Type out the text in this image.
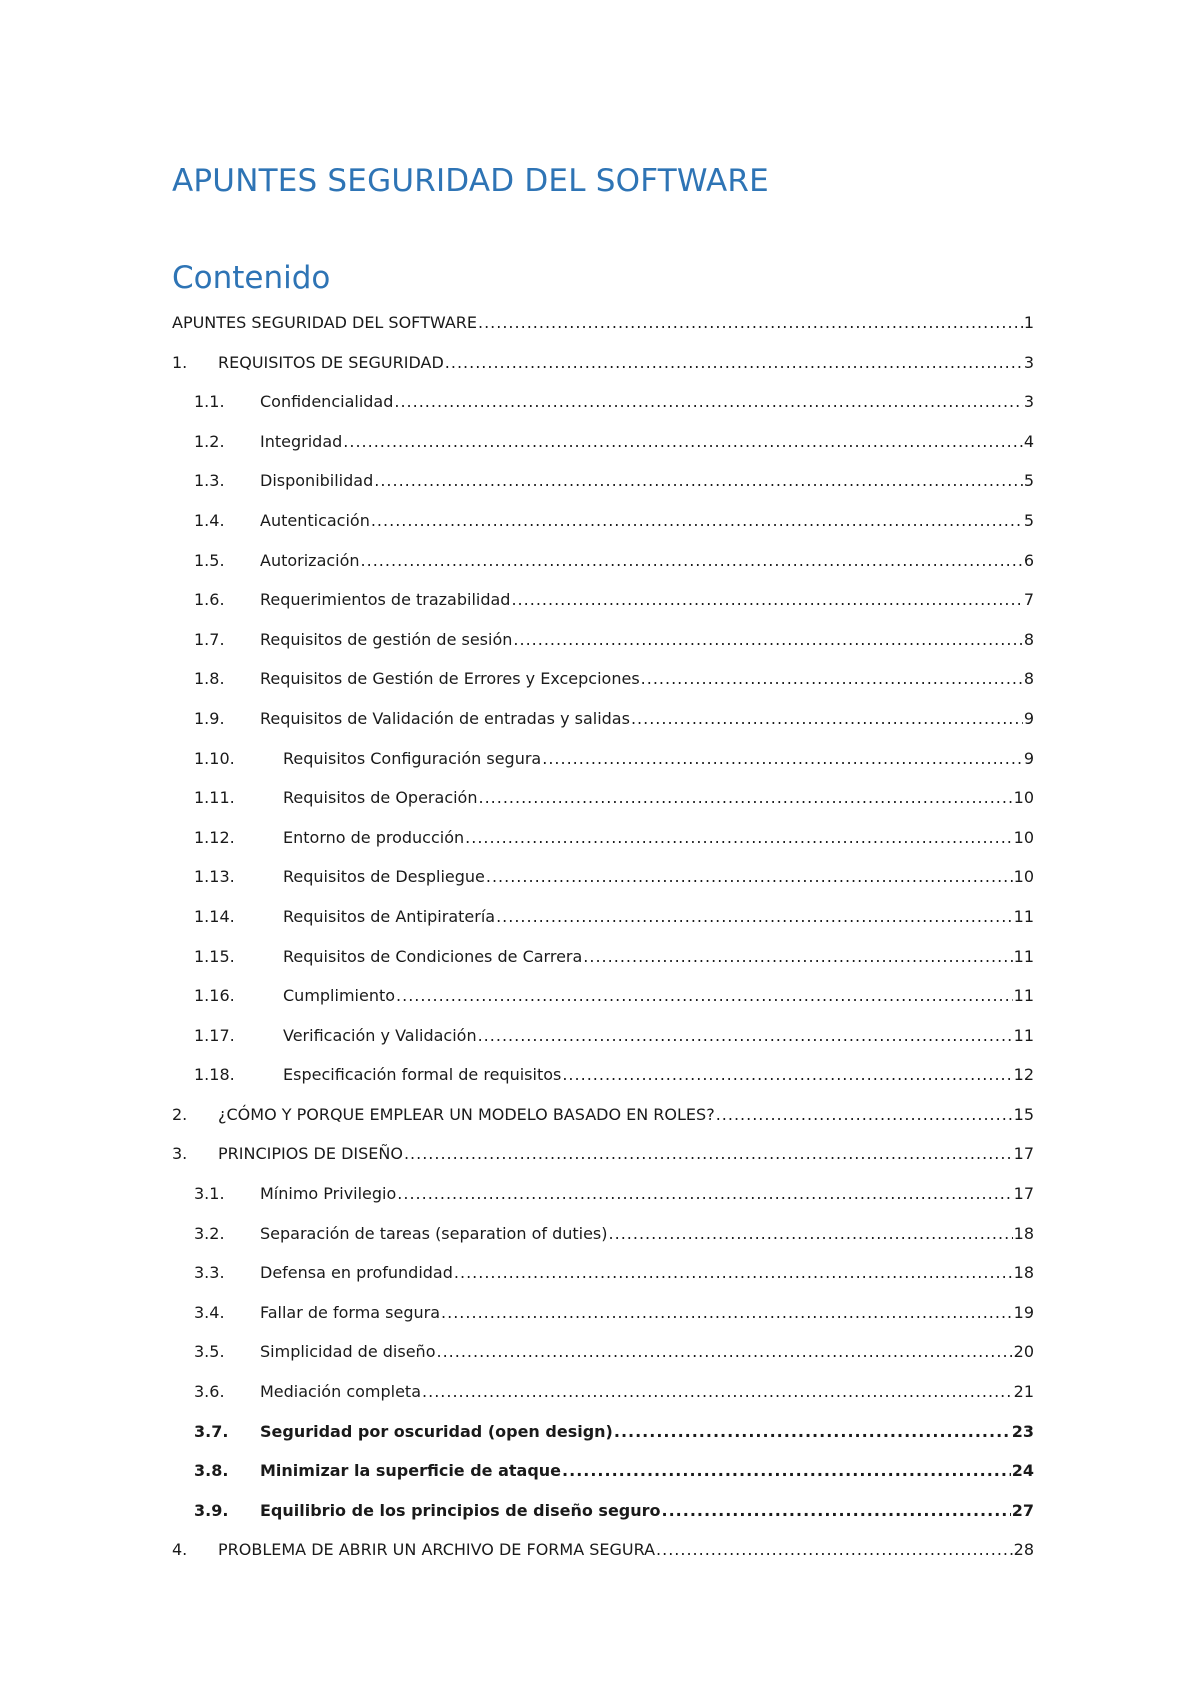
APUNTES SEGURIDAD DEL SOFTWARE
Contenido
APUNTES SEGURIDAD DEL SOFTWARE .....	1
1.	REQUISITOS DE SEGURIDAD .....	3
1.1.	Confidencialidad .....	3
1.2.	Integridad .....	4
1.3.	Disponibilidad .....	5
1.4.	Autenticación .....	5
1.5.	Autorización .....	6
1.6.	Requerimientos de trazabilidad .....	7
1.7.	Requisitos de gestión de sesión .....	8
1.8.	Requisitos de Gestión de Errores y Excepciones .....	8
1.9.	Requisitos de Validación de entradas y salidas .....	9
1.10.	Requisitos Configuración segura .....	9
1.11.	Requisitos de Operación .....	10
1.12.	Entorno de producción .....	10
1.13.	Requisitos de Despliegue .....	10
1.14.	Requisitos de Antipiratería .....	11
1.15.	Requisitos de Condiciones de Carrera .....	11
1.16.	Cumplimiento .....	11
1.17.	Verificación y Validación .....	11
1.18.	Especificación formal de requisitos .....	12
2.	¿CÓMO Y PORQUE EMPLEAR UN MODELO BASADO EN ROLES? .....	15
3.	PRINCIPIOS DE DISEÑO .....	17
3.1.	Mínimo Privilegio .....	17
3.2.	Separación de tareas (separation of duties) .....	18
3.3.	Defensa en profundidad .....	18
3.4.	Fallar de forma segura .....	19
3.5.	Simplicidad de diseño .....	20
3.6.	Mediación completa .....	21
3.7.	Seguridad por oscuridad (open design) .....	23
3.8.	Minimizar la superficie de ataque .....	24
3.9.	Equilibrio de los principios de diseño seguro .....	27
4.	PROBLEMA DE ABRIR UN ARCHIVO DE FORMA SEGURA .....	28
